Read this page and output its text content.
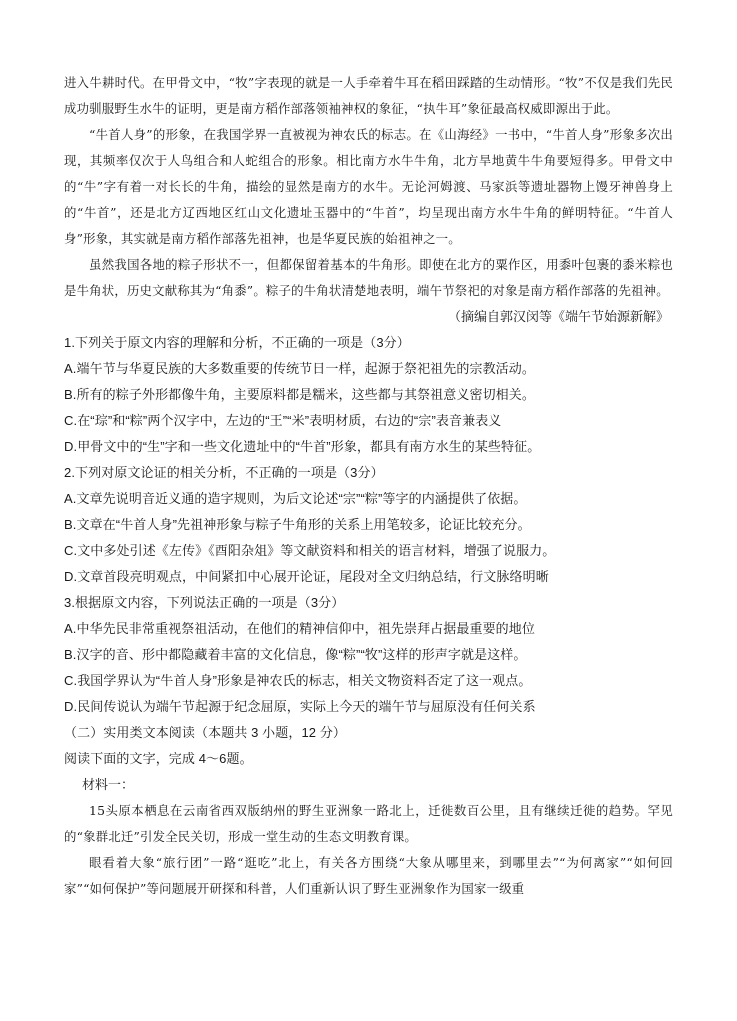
进入牛耕时代。在甲骨文中，“牧”字表现的就是一人手牵着牛耳在稻田踩踏的生动情形。“牧”不仅是我们先民成功驯服野生水牛的证明，更是南方稻作部落领袖神权的象征，“执牛耳”象征最高权威即源出于此。

“牛首人身”的形象，在我国学界一直被视为神农氏的标志。在《山海经》一书中，“牛首人身”形象多次出现，其频率仅次于人鸟组合和人蛇组合的形象。相比南方水牛牛角，北方旱地黄牛牛角要短得多。甲骨文中的“牛”字有着一对长长的牛角，描绘的显然是南方的水牛。无论河姆渡、马家浜等遗址器物上馒牙神兽身上的“牛首”，还是北方辽西地区红山文化遗址玉器中的“牛首”，均呈现出南方水牛牛角的鲜明特征。“牛首人身”形象，其实就是南方稻作部落先祖神，也是华夏民族的始祖神之一。

虽然我国各地的粽子形状不一，但都保留着基本的牛角形。即使在北方的粟作区，用黍叶包裹的黍米粽也是牛角状，历史文献称其为“角黍”。粽子的牛角状清楚地表明，端午节祭祀的对象是南方稻作部落的先祖神。

（摘编自郭汉闵等《端午节始源新解》

1.下列关于原文内容的理解和分析，不正确的一项是（3分）

A.端午节与华夏民族的大多数重要的传统节日一样，起源于祭祀祖先的宗教活动。

B.所有的粽子外形都像牛角，主要原料都是糯米，这些都与其祭祖意义密切相关。

C.在“琮”和“粽”两个汉字中，左边的“王”“米”表明材质，右边的“宗”表音兼表义

D.甲骨文中的“生”字和一些文化遗址中的“牛首”形象，都具有南方水生的某些特征。

2.下列对原文论证的相关分析，不正确的一项是（3分）

A.文章先说明音近义通的造字规则，为后文论述“宗”“粽”等字的内涵提供了依据。

B.文章在“牛首人身”先祖神形象与粽子牛角形的关系上用笔较多，论证比较充分。

C.文中多处引述《左传》《酉阳杂俎》等文献资料和相关的语言材料，增强了说服力。

D.文章首段亮明观点，中间紧扣中心展开论证，尾段对全文归纳总结，行文脉络明晰

3.根据原文内容，下列说法正确的一项是（3分）

A.中华先民非常重视祭祖活动，在他们的精神信仰中，祖先崇拜占据最重要的地位

B.汉字的音、形中都隐藏着丰富的文化信息，像“粽”“牧”这样的形声字就是这样。

C.我国学界认为“牛首人身”形象是神农氏的标志，相关文物资料否定了这一观点。

D.民间传说认为端午节起源于纪念屈原，实际上今天的端午节与屈原没有任何关系

（二）实用类文本阅读（本题共 3 小题，12 分）

阅读下面的文字，完成 4～6题。

材料一：

15头原本栖息在云南省西双版纳州的野生亚洲象一路北上，迁徙数百公里，且有继续迁徙的趋势。罕见的“象群北迁”引发全民关切，形成一堂生动的生态文明教育课。

眼看着大象“旅行团”一路“逛吃”北上，有关各方围绕“大象从哪里来，到哪里去”“为何离家”“如何回家”“如何保护”等问题展开研探和科普，人们重新认识了野生亚洲象作为国家一级重
